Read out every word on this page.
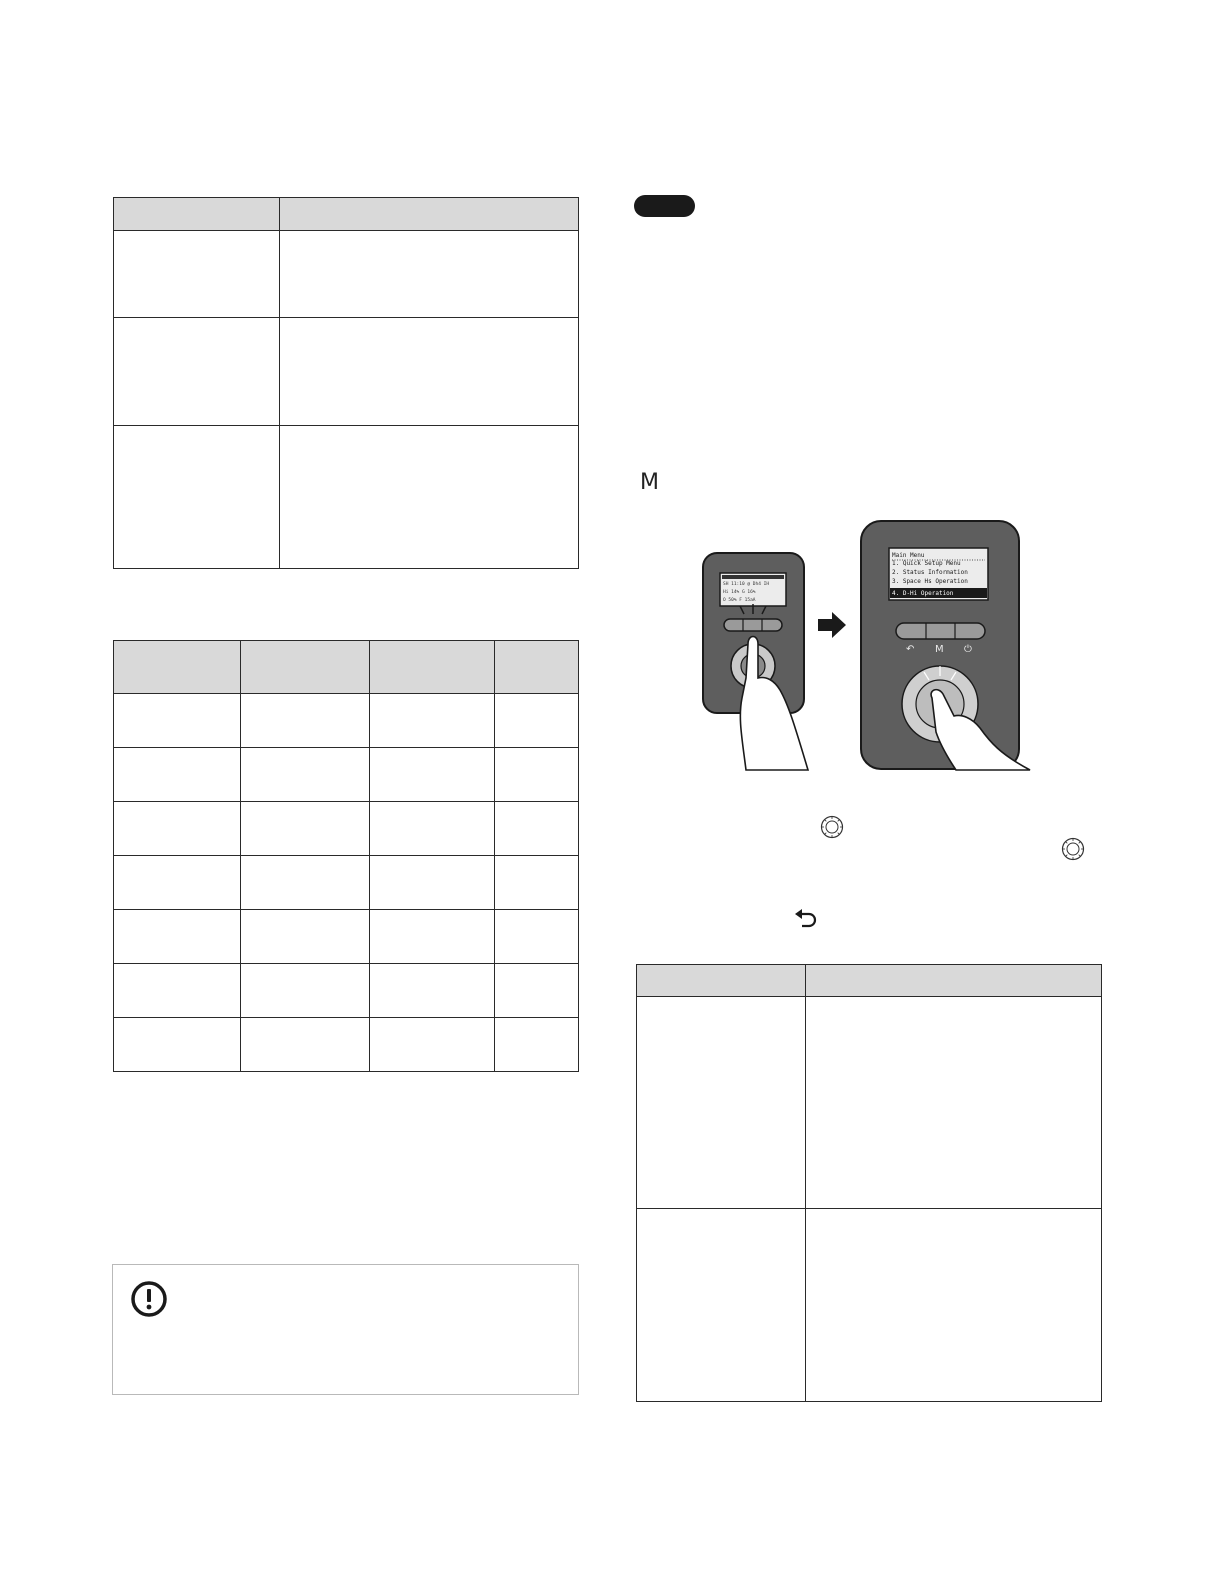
M
SH 11:10 @ Dh4 IH
Hi 14% G 16%
O 50% F 15aA
Main Menu
1. Quick Setup Menu
2. Status Information
3. Space Hs Operation
4. D-Hi Operation
↶ M ⏻
